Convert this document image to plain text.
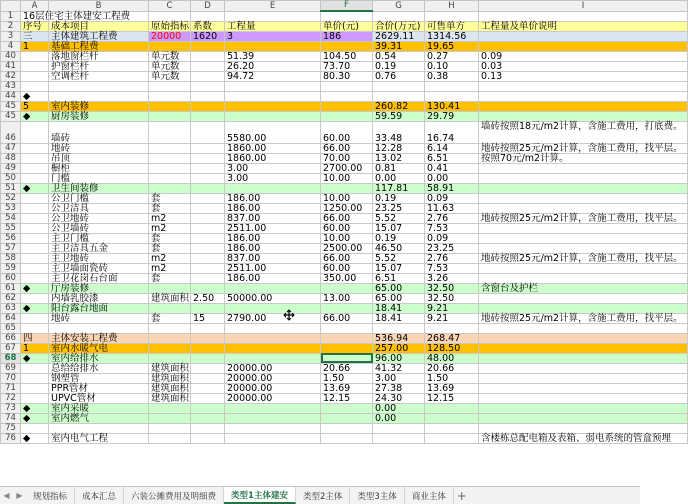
	A	B	C	D	E	F	G	H	I
1	16层住宅主体建安工程费								
2	序号	成本项目	原始指标	系数	工程量	单价(元)	合价(万元)	可售单方	工程量及单价说明
3	三	主体建筑工程费	20000	1620	3	186	2629.11	1314.56	
4	1	基础工程费					39.31	19.65	
40		落地窗栏杆	单元数		51.39	104.50	0.54	0.27	0.09
41		护窗栏杆	单元数		26.20	73.70	0.19	0.10	0.03
42		空调栏杆	单元数		94.72	80.30	0.76	0.38	0.13
43									
44	◆								
45	5	室内装修					260.82	130.41	
45	◆	厨房装修					59.59	29.79	
46		墙砖			5580.00	60.00	33.48	16.74	墙砖按照18元/m2计算，含施工费用，打底费。
47		地砖			1860.00	66.00	12.28	6.14	地砖按照25元/m2计算，含施工费用，找平层。
48		吊顶			1860.00	70.00	13.02	6.51	按照70元/m2计算。
49		橱柜			3.00	2700.00	0.81	0.41	
50		门槛			3.00	10.00	0.00	0.00	
51	◆	卫生间装修					117.81	58.91	
52		公卫门槛	套		186.00	10.00	0.19	0.09	
53		公卫洁具	套		186.00	1250.00	23.25	11.63	
54		公卫地砖	m2		837.00	66.00	5.52	2.76	地砖按照25元/m2计算，含施工费用，找平层。
55		公卫墙砖	m2		2511.00	60.00	15.07	7.53	
56		主卫门槛	套		186.00	10.00	0.19	0.09	
57		主卫洁具五金	套		186.00	2500.00	46.50	23.25	
58		主卫地砖	m2		837.00	66.00	5.52	2.76	地砖按照25元/m2计算，含施工费用，找平层。
59		主卫墙面瓷砖	m2		2511.00	60.00	15.07	7.53	
60		主卫花岗石台面	套		186.00	350.00	6.51	3.26	
61	◆	厅房装修					65.00	32.50	含窗台及护栏
62		内墙乳胶漆	建筑面积	2.50	50000.00	13.00	65.00	32.50	
63	◆	阳台露台地面					18.41	9.21	
64		地砖	套	15	2790.00	66.00	18.41	9.21	地砖按照25元/m2计算，含施工费用，找平层。
65									
66	四	主体安装工程费					536.94	268.47	
67	1	室内水暖气电					257.00	128.50	
68	◆	室内给排水					96.00	48.00	
69		总给给排水	建筑面积		20000.00	20.66	41.32	20.66	
70		钢塑管	建筑面积		20000.00	1.50	3.00	1.50	
71		PPR管材	建筑面积		20000.00	13.69	27.38	13.69	
72		UPVC管材	建筑面积		20000.00	12.15	24.30	12.15	
73	◆	室内采暖					0.00		
74	◆	室内燃气					0.00		
75									
76	◆	室内电气工程							含楼栋总配电箱及表箱、弱电系统的管盒预埋
◀ ▶	规划指标	成本汇总	六装公摊费用及明细费	类型1主体建安	类型2主体	类型3主体	商业主体 +
